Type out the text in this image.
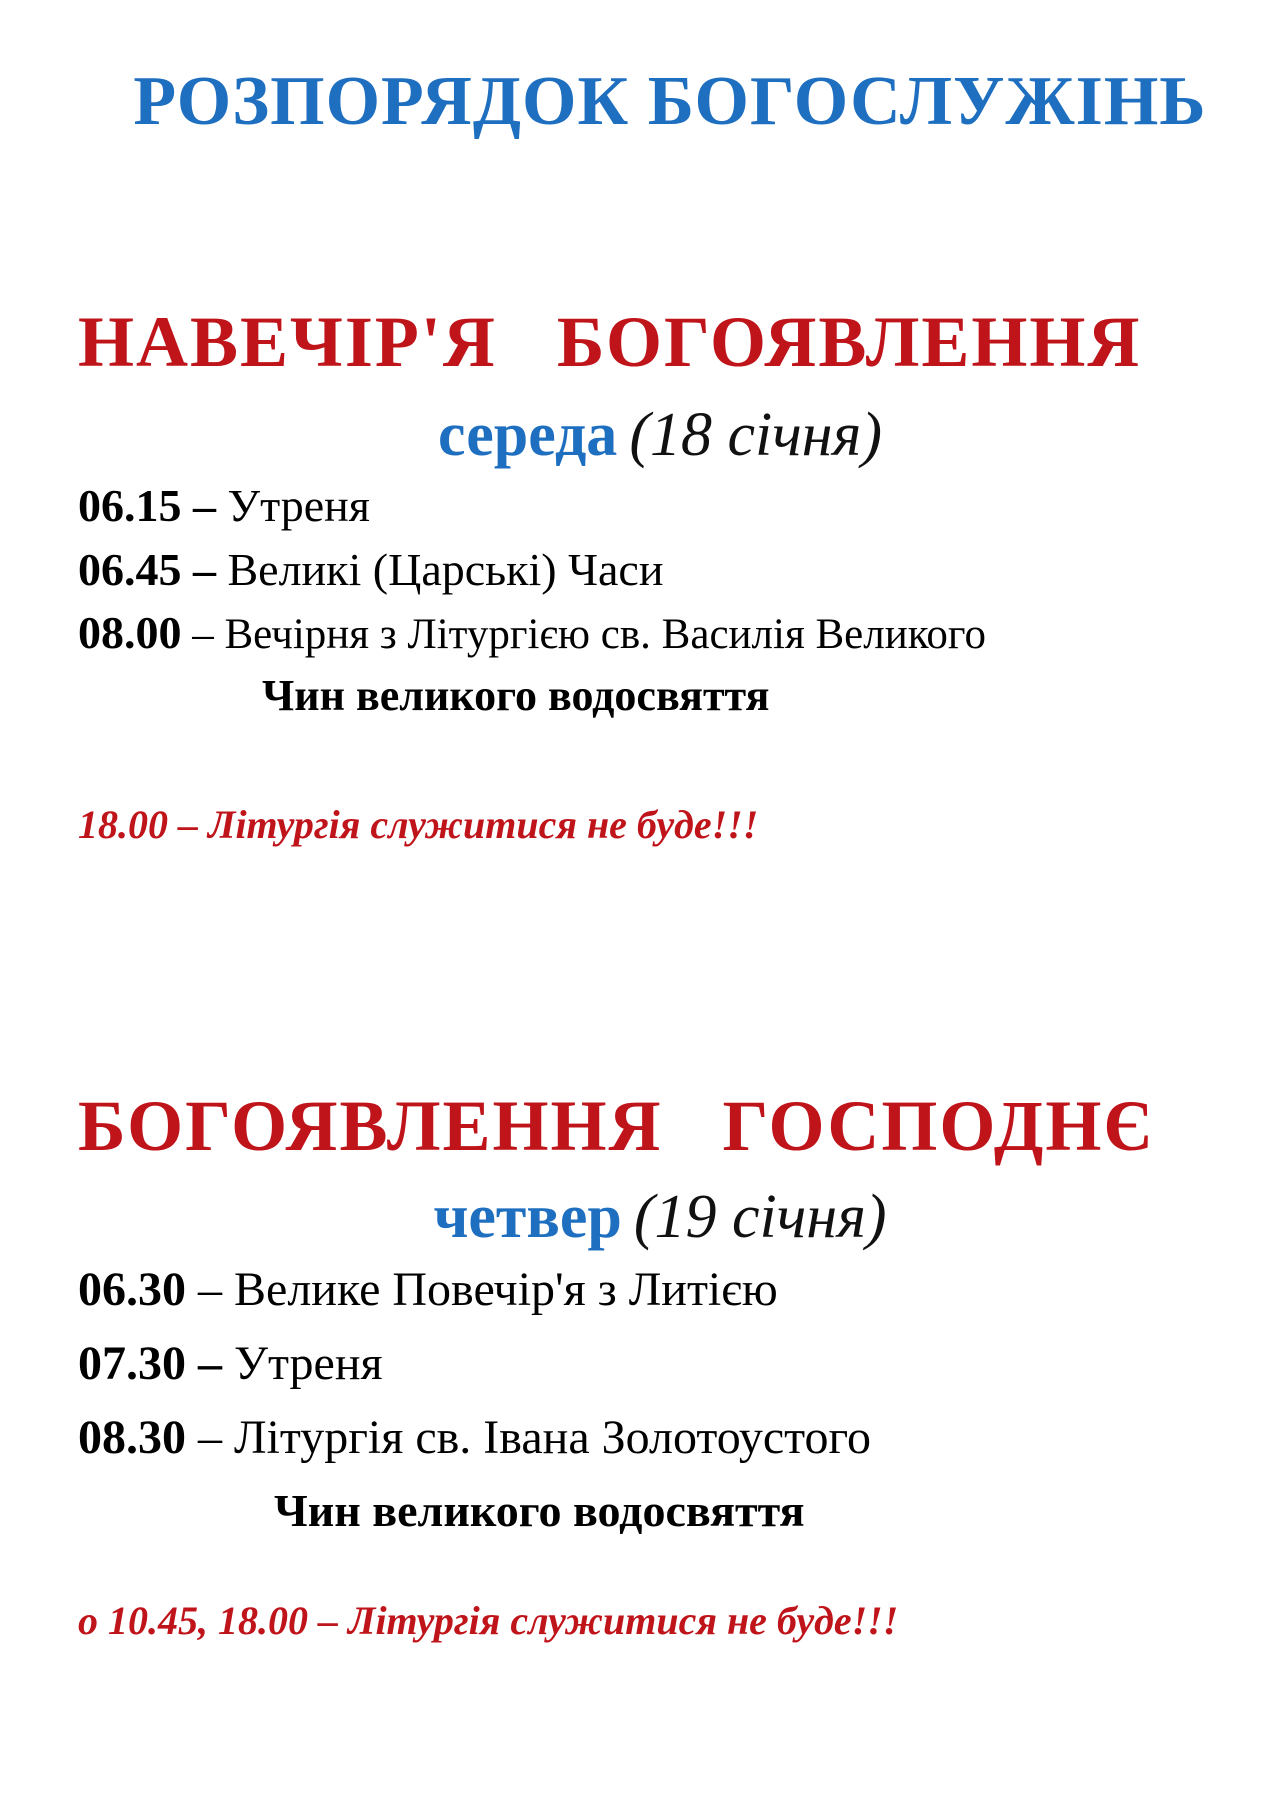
РОЗПОРЯДОК БОГОСЛУЖІНЬ
НАВЕЧІР'Я   БОГОЯВЛЕННЯ
середа (18 січня)
06.15 – Утреня
06.45 – Великі (Царські) Часи
08.00 – Вечірня з Літургією св. Василія Великого
Чин великого водосвяття
18.00 – Літургія служитися не буде!!!
БОГОЯВЛЕННЯ   ГОСПОДНЄ
четвер (19 січня)
06.30 – Велике Повечір'я з Литією
07.30 – Утреня
08.30 – Літургія св. Івана Золотоустого
Чин великого водосвяття
о 10.45, 18.00 – Літургія служитися не буде!!!
